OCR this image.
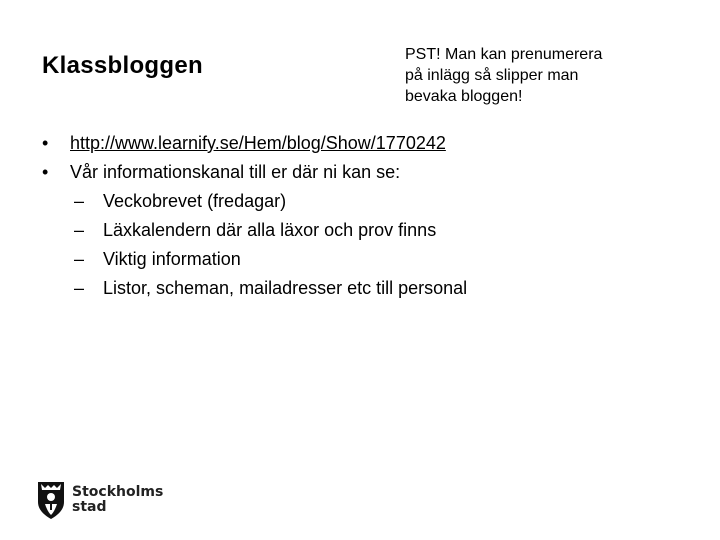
Klassbloggen	PST! Man kan prenumerera
på inlägg så slipper man
bevaka bloggen!
•	http://www.learnify.se/Hem/blog/Show/1770242
•	Vår informationskanal till er där ni kan se:
– Veckobrevet (fredagar)
– Läxkalendern där alla läxor och prov finns
– Viktig information
– Listor, scheman, mailadresser etc till personal
Stockholms
stad
